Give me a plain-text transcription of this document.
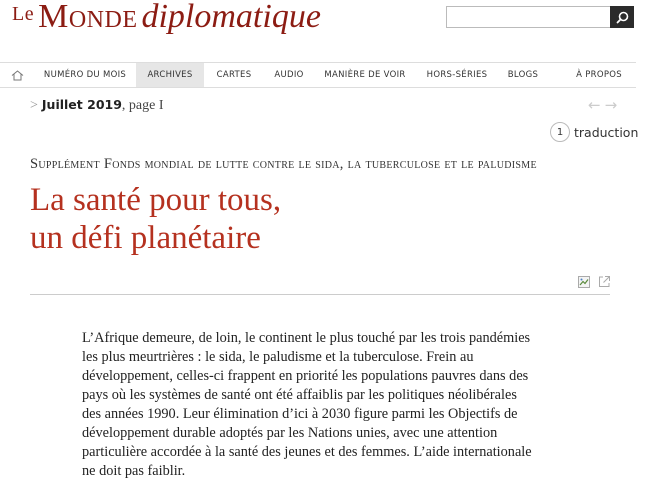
Le Monde diplomatique
NUMÉRO DU MOIS	ARCHIVES	CARTES	AUDIO	MANIÈRE DE VOIR	HORS-SÉRIES	BLOGS	À PROPOS
> Juillet 2019, page I	←→
1 traduction
Supplément Fonds mondial de lutte contre le sida, la tuberculose et le paludisme
La santé pour tous,
un défi planétaire

L’Afrique demeure, de loin, le continent le plus touché par les trois pandémies les plus meurtrières : le sida, le paludisme et la tuberculose. Frein au développement, celles-ci frappent en priorité les populations pauvres dans des pays où les systèmes de santé ont été affaiblis par les politiques néolibérales des années 1990. Leur élimination d’ici à 2030 figure parmi les Objectifs de développement durable adoptés par les Nations unies, avec une attention particulière accordée à la santé des jeunes et des femmes. L’aide internationale ne doit pas faiblir.
